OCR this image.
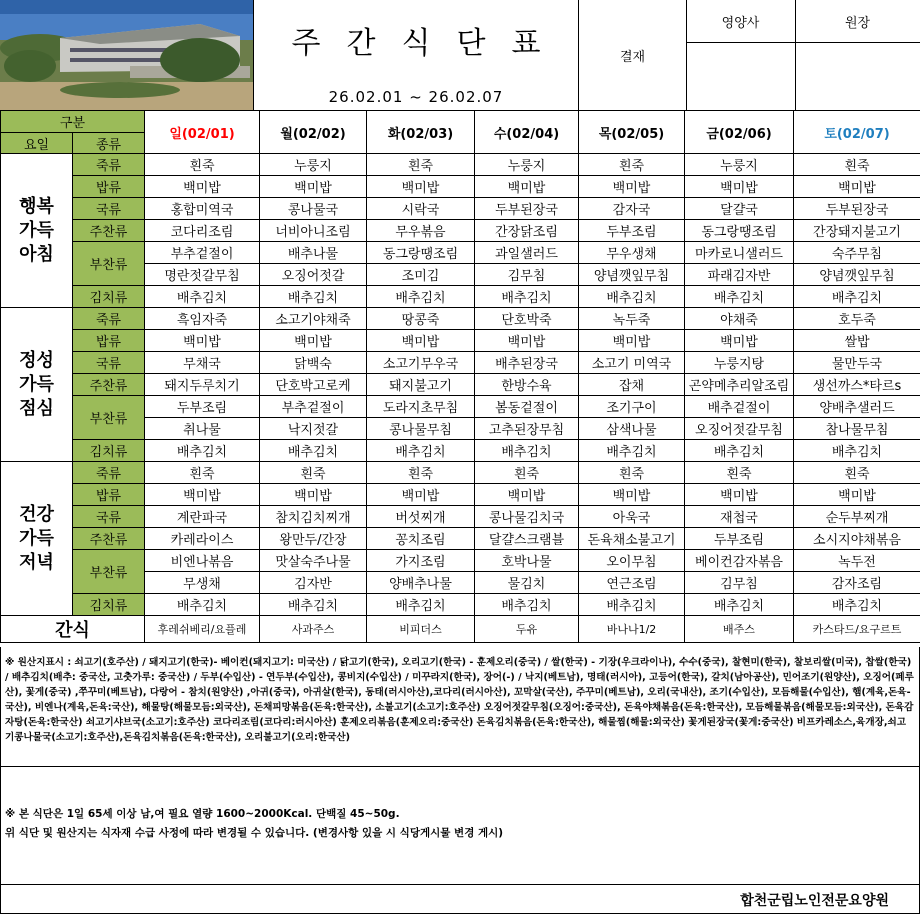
주간식단표
26.02.01 ~ 26.02.07
결재
영양사	원장
구분		일(02/01)	월(02/02)	화(02/03)	수(02/04)	목(02/05)	금(02/06)	토(02/07)
요일	종류							

행복
가득
아침	죽류	흰죽	누룽지	흰죽	누룽지	흰죽	누룽지	흰죽
	밥류	백미밥	백미밥	백미밥	백미밥	백미밥	백미밥	백미밥
	국류	홍합미역국	콩나물국	시락국	두부된장국	감자국	달걀국	두부된장국
	주찬류	코다리조림	너비아니조림	무우볶음	간장닭조림	두부조림	동그랑땡조림	간장돼지불고기
	부찬류	부추겉절이	배추나물	동그랑땡조림	과일샐러드	무우생채	마카로니샐러드	숙주무침
		명란젓갈무침	오징어젓갈	조미김	김무침	양념깻잎무침	파래김자반	양념깻잎무침
	김치류	배추김치	배추김치	배추김치	배추김치	배추김치	배추김치	배추김치

정성
가득
점심	죽류	흑임자죽	소고기야채죽	땅콩죽	단호박죽	녹두죽	야채죽	호두죽
	밥류	백미밥	백미밥	백미밥	백미밥	백미밥	백미밥	쌀밥
	국류	무채국	닭백숙	소고기무우국	배추된장국	소고기 미역국	누룽지탕	물만두국
	주찬류	돼지두루치기	단호박고로케	돼지불고기	한방수육	잡채	곤약메추리알조림	생선까스*타르s
	부찬류	두부조림	부추겉절이	도라지초무침	봄동겉절이	조기구이	배추겉절이	양배추샐러드
		취나물	낙지젓갈	콩나물무침	고추된장무침	삼색나물	오징어젓갈무침	참나물무침
	김치류	배추김치	배추김치	배추김치	배추김치	배추김치	배추김치	배추김치

건강
가득
저녁	죽류	흰죽	흰죽	흰죽	흰죽	흰죽	흰죽	흰죽
	밥류	백미밥	백미밥	백미밥	백미밥	백미밥	백미밥	백미밥
	국류	계란파국	참치김치찌개	버섯찌개	콩나물김치국	아욱국	재첩국	순두부찌개
	주찬류	카레라이스	왕만두/간장	꽁치조림	달걀스크램블	돈육채소불고기	두부조림	소시지야채볶음
	부찬류	비엔나볶음	맛살숙주나물	가지조림	호박나물	오이무침	베이컨감자볶음	녹두전
		무생채	김자반	양배추나물	물김치	연근조림	김무침	감자조림
	김치류	배추김치	배추김치	배추김치	배추김치	배추김치	배추김치	배추김치
간식		후레쉬베리/요플레	사과주스	비피더스	두유	바나나1/2	배주스	카스타드/요구르트
※ 원산지표시 : 쇠고기(호주산) / 돼지고기(한국)- 베이컨(돼지고기: 미국산) / 닭고기(한국), 오리고기(한국) - 훈제오리(중국) / 쌀(한국) - 기장(우크라이나), 수수(중국), 찰현미(한국), 찰보리쌀(미국), 찹쌀(한국) / 배추김치(배추: 중국산, 고춧가루: 중국산) / 두부(수입산) - 연두부(수입산), 콩비지(수입산) / 미꾸라지(한국), 장어(-) / 낙지(베트남), 명태(러시아), 고등어(한국), 갈치(남아공산), 민어조기(원양산), 오징어(페루산), 꽃게(중국) ,쭈꾸미(베트남), 다랑어 - 참치(원양산) ,아귀(중국), 아귀살(한국), 동태(러시아산),코다리(러시아산), 꼬막살(국산), 주꾸미(베트남), 오리(국내산), 조기(수입산), 모듬해물(수입산), 햄(계육,돈육-국산), 비엔나(계육,돈육:국산), 해물탕(해물모듬:외국산), 돈채피망볶음(돈육:한국산), 소불고기(소고기:호주산) 오징어젓갈무침(오징어:중국산), 돈육야채볶음(돈육:한국산), 모듬해물볶음(해물모듬:외국산), 돈육감자탕(돈육:한국산) 쇠고기샤브국(소고기:호주산) 코다리조림(코다리:러시아산) 훈제오리볶음(훈제오리:중국산) 돈육김치볶음(돈육:한국산), 해물찜(해물:외국산) 꽃게된장국(꽃게:중국산) 비프카레소스,육개장,쇠고기콩나물국(소고기:호주산),돈육김치볶음(돈육:한국산), 오리불고기(오리:한국산)
※ 본 식단은 1일 65세 이상 남,여 필요 열량 1600~2000Kcal. 단백질 45~50g.
위 식단 및 원산지는 식자재 수급 사정에 따라 변경될 수 있습니다. (변경사항 있을 시 식당게시물 변경 게시)
합천군립노인전문요양원
